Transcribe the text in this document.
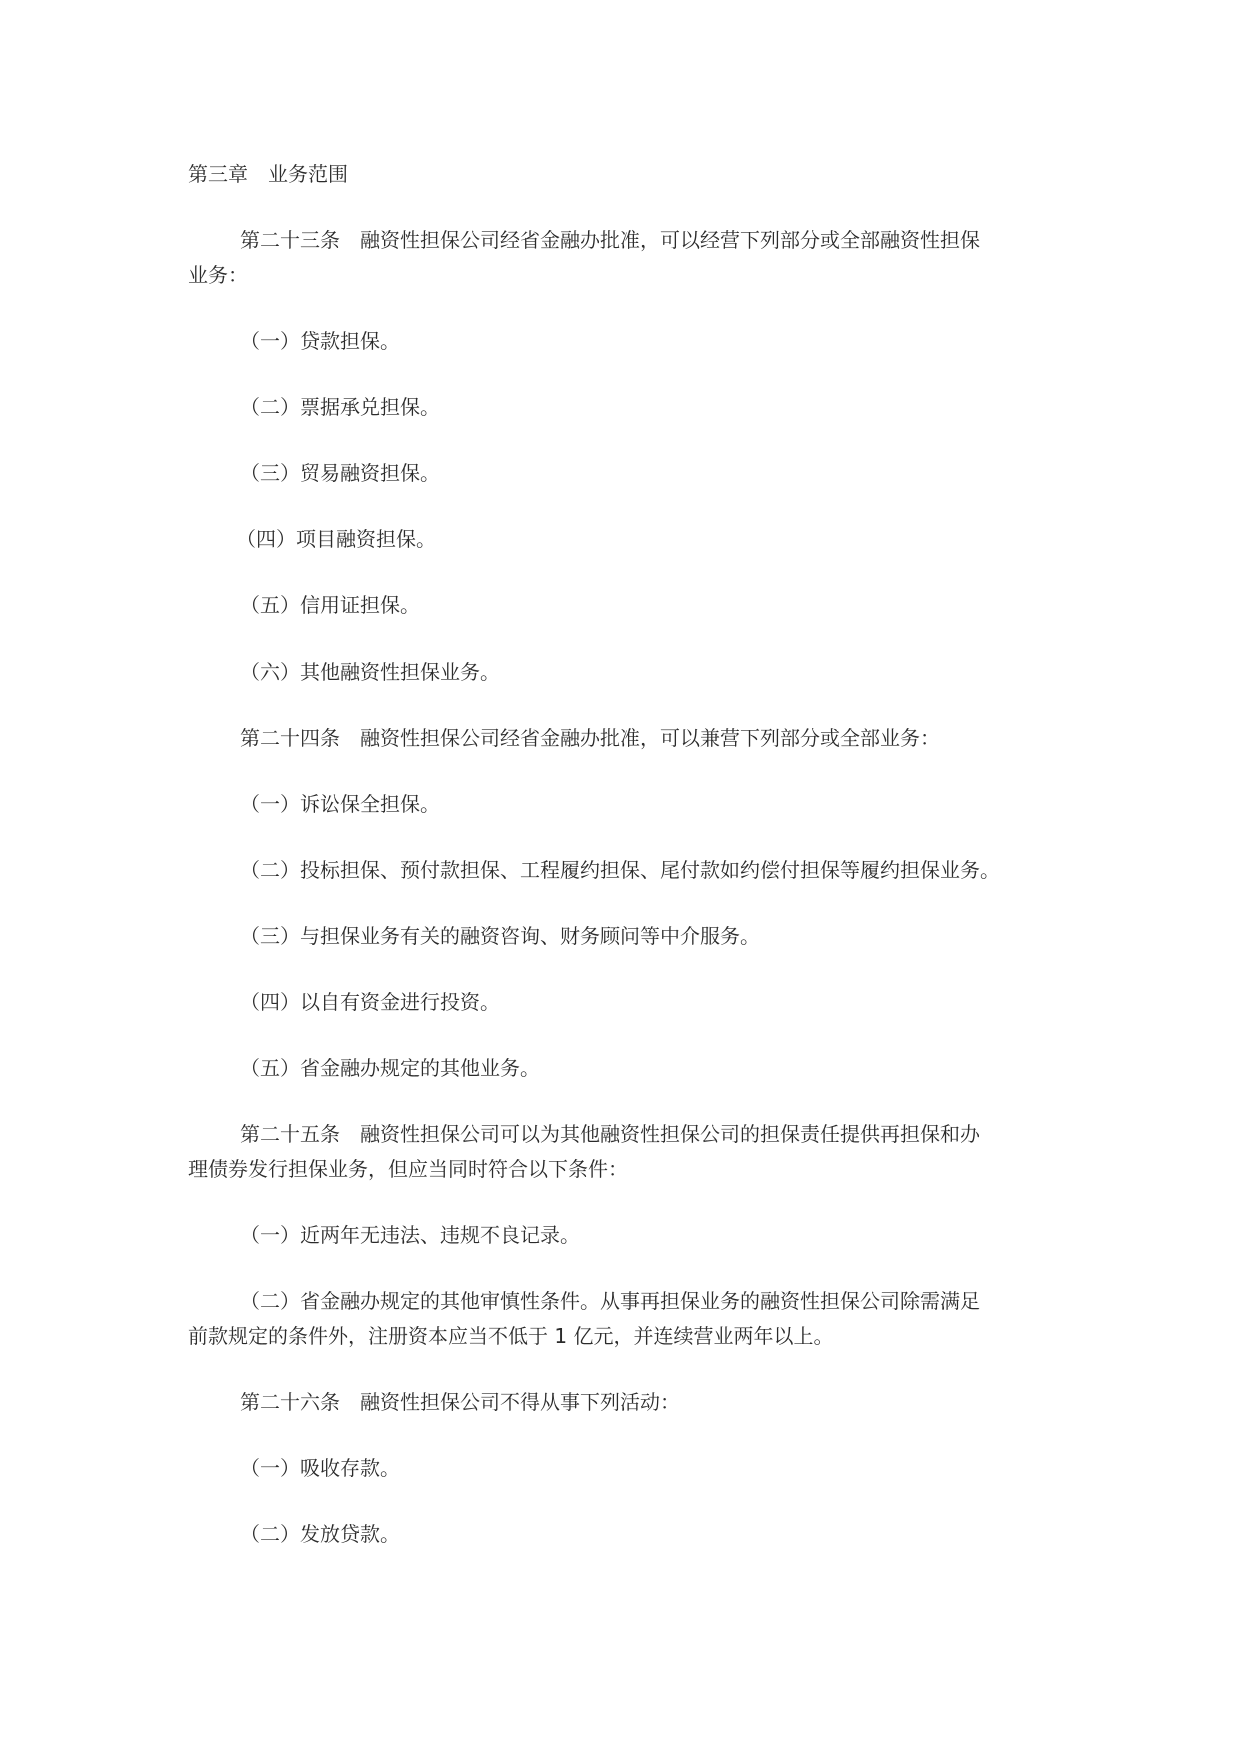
第三章　业务范围
第二十三条　融资性担保公司经省金融办批准，可以经营下列部分或全部融资性担保
业务：
（一）贷款担保。
（二）票据承兑担保。
（三）贸易融资担保。
（四）项目融资担保。
（五）信用证担保。
（六）其他融资性担保业务。
第二十四条　融资性担保公司经省金融办批准，可以兼营下列部分或全部业务：
（一）诉讼保全担保。
（二）投标担保、预付款担保、工程履约担保、尾付款如约偿付担保等履约担保业务。
（三）与担保业务有关的融资咨询、财务顾问等中介服务。
（四）以自有资金进行投资。
（五）省金融办规定的其他业务。
第二十五条　融资性担保公司可以为其他融资性担保公司的担保责任提供再担保和办
理债券发行担保业务，但应当同时符合以下条件：
（一）近两年无违法、违规不良记录。
（二）省金融办规定的其他审慎性条件。从事再担保业务的融资性担保公司除需满足
前款规定的条件外，注册资本应当不低于 1 亿元，并连续营业两年以上。
第二十六条　融资性担保公司不得从事下列活动：
（一）吸收存款。
（二）发放贷款。
